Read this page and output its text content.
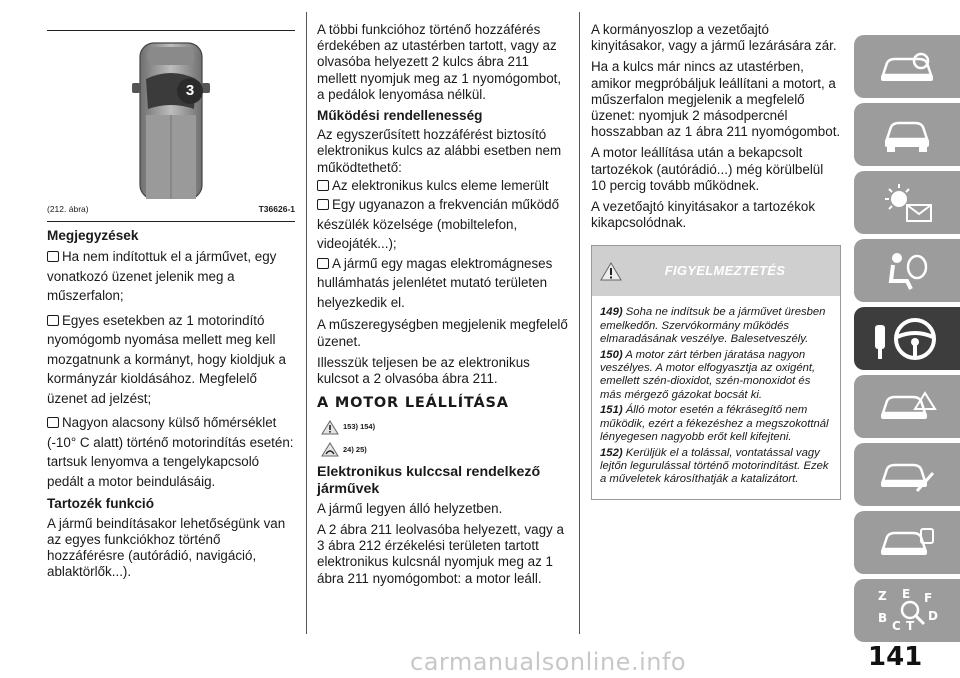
3
(212. ábra)	T36626-1
Megjegyzések

Ha nem indítottuk el a járművet, egy vonatkozó üzenet jelenik meg a műszerfalon;

Egyes esetekben az 1 motorindító nyomógomb nyomása mellett meg kell mozgatnunk a kormányt, hogy kioldjuk a kormányzár kioldásához. Megfelelő üzenet ad jelzést;

Nagyon alacsony külső hőmérséklet (-10° C alatt) történő motorindítás esetén: tartsuk lenyomva a tengelykapcsoló pedált a motor beindulásáig.

Tartozék funkció

A jármű beindításakor lehetőségünk van az egyes funkciókhoz történő hozzáférésre (autórádió, navigáció, ablaktörlők...).

A többi funkcióhoz történő hozzáférés érdekében az utastérben tartott, vagy az olvasóba helyezett 2 kulcs ábra 211 mellett nyomjuk meg az 1 nyomógombot, a pedálok lenyomása nélkül.

Működési rendellenesség

Az egyszerűsített hozzáférést biztosító elektronikus kulcs az alábbi esetben nem működtethető:

Az elektronikus kulcs eleme lemerült

Egy ugyanazon a frekvencián működő készülék közelsége (mobiltelefon, videojáték...);

A jármű egy magas elektromágneses hullámhatás jelenlétet mutató területen helyezkedik el.

A műszeregységben megjelenik megfelelő üzenet.

Illesszük teljesen be az elektronikus kulcsot a 2 olvasóba ábra 211.

A MOTOR LEÁLLÍTÁSA
153) 154)
24) 25)
Elektronikus kulccsal rendelkező járművek

A jármű legyen álló helyzetben.

A 2 ábra 211 leolvasóba helyezett, vagy a 3 ábra 212 érzékelési területen tartott elektronikus kulcsnál nyomjuk meg az 1 ábra 211 nyomógombot: a motor leáll.

A kormányoszlop a vezetőajtó kinyitásakor, vagy a jármű lezárására zár.

Ha a kulcs már nincs az utastérben, amikor megpróbáljuk leállítani a motort, a műszerfalon megjelenik a megfelelő üzenet: nyomjuk 2 másodpercnél hosszabban az 1 ábra 211 nyomógombot.

A motor leállítása után a bekapcsolt tartozékok (autórádió...) még körülbelül 10 percig tovább működnek.

A vezetőajtó kinyitásakor a tartozékok kikapcsolódnak.

FIGYELMEZTETÉS

149) Soha ne indítsuk be a járművet üresben emelkedőn. Szervókormány működés elmaradásának veszélye. Balesetveszély.

150) A motor zárt térben járatása nagyon veszélyes. A motor elfogyasztja az oxigént, emellett szén-dioxidot, szén-monoxidot és más mérgező gázokat bocsát ki.

151) Álló motor esetén a fékrásegítő nem működik, ezért a fékezéshez a megszokottnál lényegesen nagyobb erőt kell kifejteni.

152) Kerüljük el a tolással, vontatással vagy lejtőn legurulással történő motorindítást. Ezek a műveletek károsíthatják a katalizátort.

Z E
B
C T
D
F
141
carmanualsonline.info
